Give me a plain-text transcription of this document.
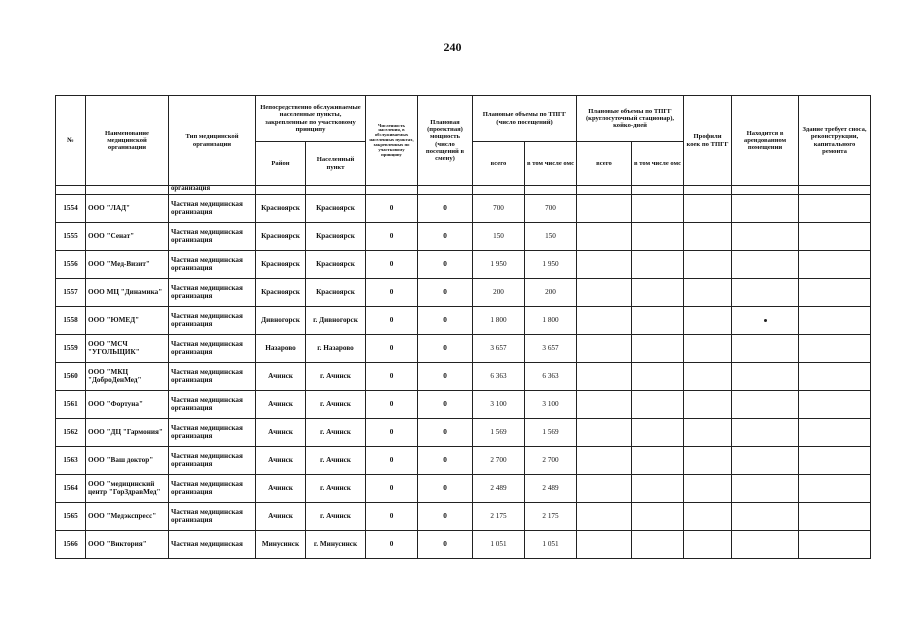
240
№	Наименование медицинской организации	Тип медицинской организации	Непосредственно обслуживаемые населенные пункты, закрепленные по участковому принципу		Численность населения, в обслуживаемых населенных пунктах, закрепленных по участковому принципу	Плановая (проектная) мощность (число посещений в смену)	Плановые объемы по ТПГГ (число посещений)		Плановые объемы по ТПГГ (круглосуточный стационар), койко-дней		Профили коек по ТПГГ	Находится в арендованном помещении	Здание требует сноса, реконструкции, капитального ремонта
			Район	Населенный пункт			всего	в том числе омс	всего	в том числе омс			
		организация											
1554	ООО "ЛАД"	Частная медицинская организация	Красноярск	Красноярск	0	0	700	700					
1555	ООО "Сенат"	Частная медицинская организация	Красноярск	Красноярск	0	0	150	150					
1556	ООО "Мед-Визит"	Частная медицинская организация	Красноярск	Красноярск	0	0	1 950	1 950					
1557	ООО МЦ "Динамика"	Частная медицинская организация	Красноярск	Красноярск	0	0	200	200					
1558	ООО "ЮМЕД"	Частная медицинская организация	Дивногорск	г. Дивногорск	0	0	1 800	1 800					
1559	ООО "МСЧ "УГОЛЬЩИК"	Частная медицинская организация	Назарово	г. Назарово	0	0	3 657	3 657					
1560	ООО "МКЦ "ДоброДенМед"	Частная медицинская организация	Ачинск	г. Ачинск	0	0	6 363	6 363					
1561	ООО "Фортуна"	Частная медицинская организация	Ачинск	г. Ачинск	0	0	3 100	3 100					
1562	ООО "ДЦ "Гармония"	Частная медицинская организация	Ачинск	г. Ачинск	0	0	1 569	1 569					
1563	ООО "Ваш доктор"	Частная медицинская организация	Ачинск	г. Ачинск	0	0	2 700	2 700					
1564	ООО "медицинский центр "ГорЗдравМед"	Частная медицинская организация	Ачинск	г. Ачинск	0	0	2 489	2 489					
1565	ООО "Медэкспресс"	Частная медицинская организация	Ачинск	г. Ачинск	0	0	2 175	2 175					
1566	ООО "Виктория"	Частная медицинская	Минусинск	г. Минусинск	0	0	1 051	1 051					
